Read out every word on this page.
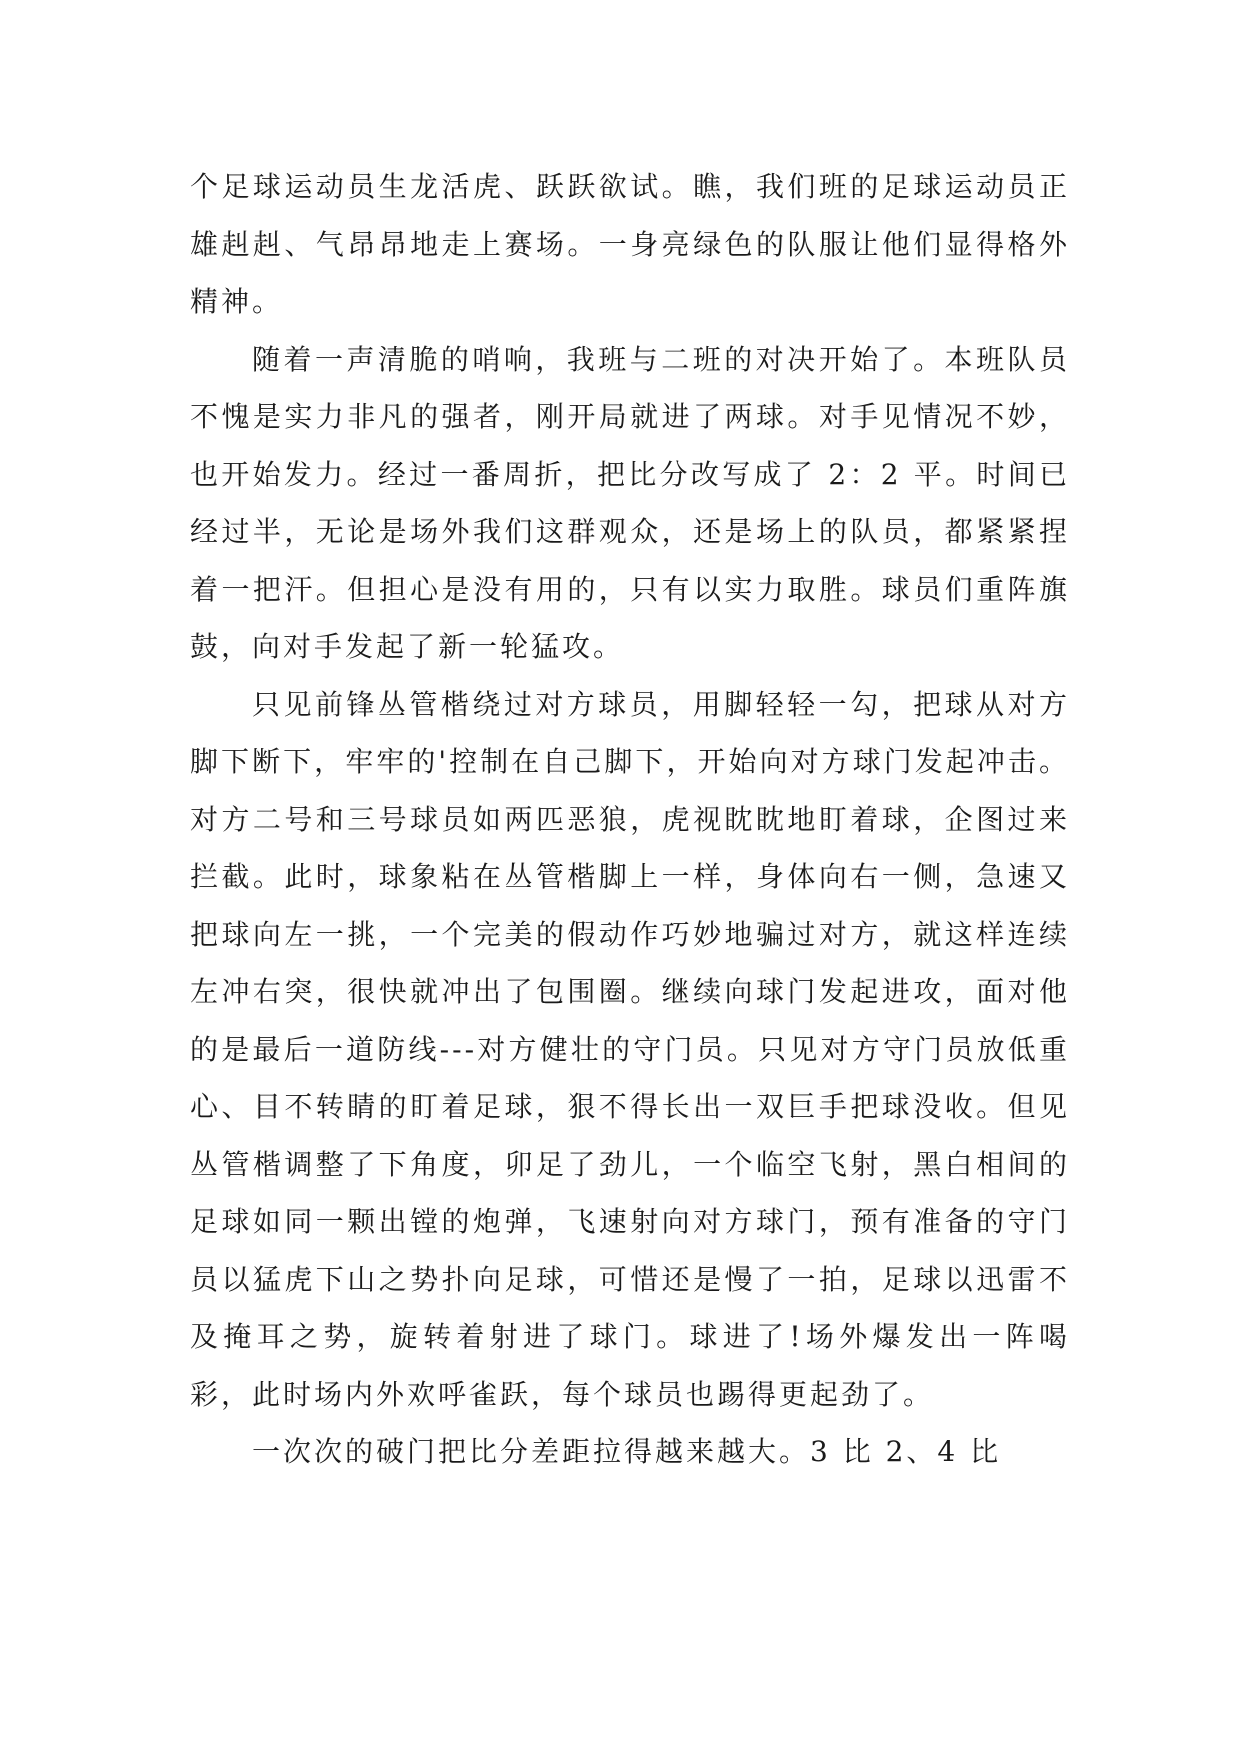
个足球运动员生龙活虎、跃跃欲试。瞧，我们班的足球运动员正雄赳赳、气昂昂地走上赛场。一身亮绿色的队服让他们显得格外精神。

随着一声清脆的哨响，我班与二班的对决开始了。本班队员不愧是实力非凡的强者，刚开局就进了两球。对手见情况不妙，也开始发力。经过一番周折，把比分改写成了 2：2 平。时间已经过半，无论是场外我们这群观众，还是场上的队员，都紧紧捏着一把汗。但担心是没有用的，只有以实力取胜。球员们重阵旗鼓，向对手发起了新一轮猛攻。

只见前锋丛管楷绕过对方球员，用脚轻轻一勾，把球从对方脚下断下，牢牢的'控制在自己脚下，开始向对方球门发起冲击。对方二号和三号球员如两匹恶狼，虎视眈眈地盯着球，企图过来拦截。此时，球象粘在丛管楷脚上一样，身体向右一侧，急速又把球向左一挑，一个完美的假动作巧妙地骗过对方，就这样连续左冲右突，很快就冲出了包围圈。继续向球门发起进攻，面对他的是最后一道防线---对方健壮的守门员。只见对方守门员放低重心、目不转睛的盯着足球，狠不得长出一双巨手把球没收。但见丛管楷调整了下角度，卯足了劲儿，一个临空飞射，黑白相间的足球如同一颗出镗的炮弹，飞速射向对方球门，预有准备的守门员以猛虎下山之势扑向足球，可惜还是慢了一拍，足球以迅雷不及掩耳之势，旋转着射进了球门。球进了!场外爆发出一阵喝彩，此时场内外欢呼雀跃，每个球员也踢得更起劲了。

一次次的破门把比分差距拉得越来越大。3 比 2、4 比
